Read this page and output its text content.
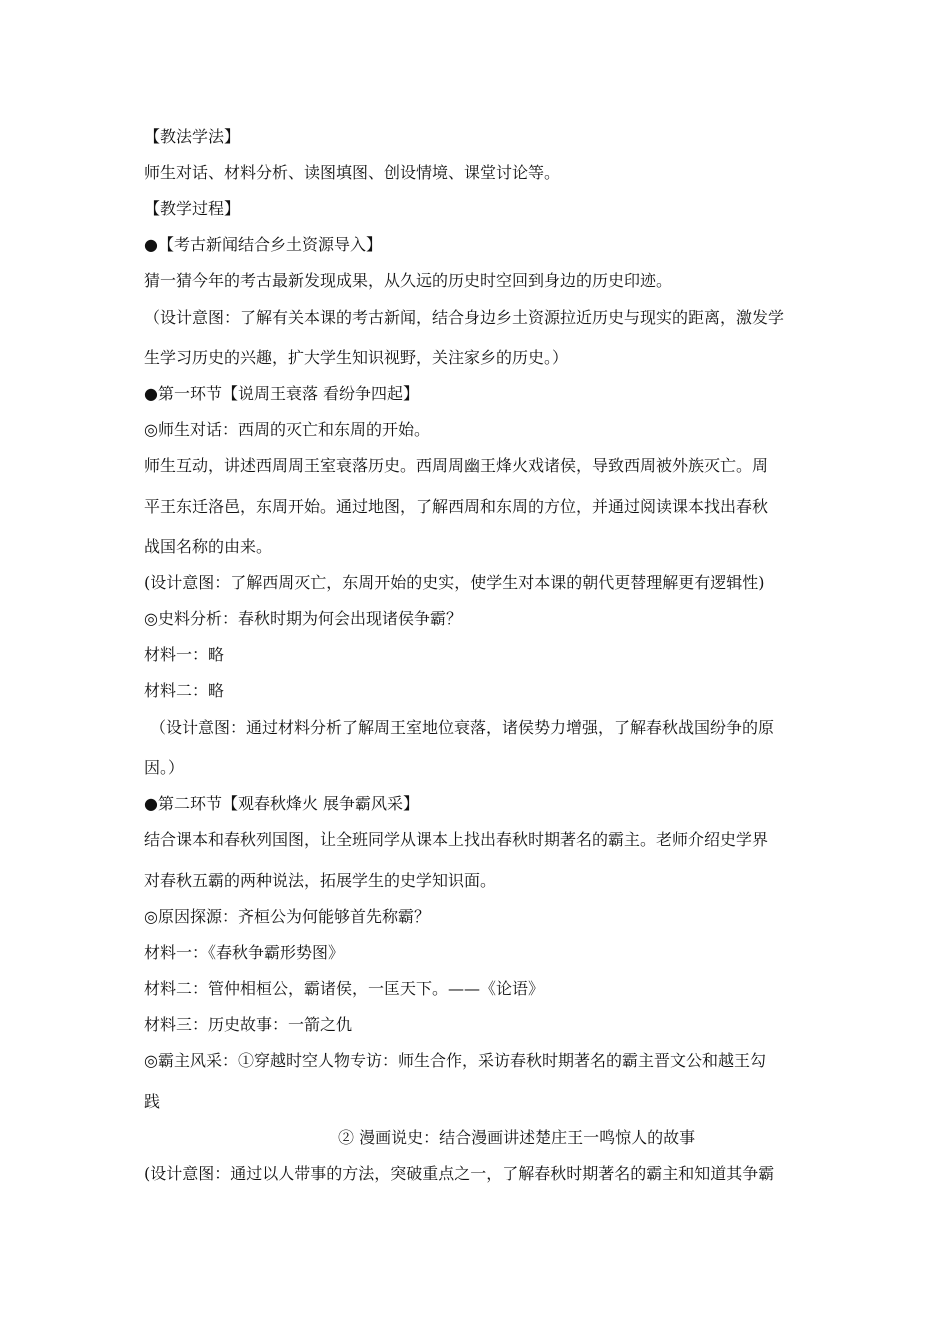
【教法学法】
师生对话、材料分析、读图填图、创设情境、课堂讨论等。
【教学过程】
●【考古新闻结合乡土资源导入】
猜一猜今年的考古最新发现成果，从久远的历史时空回到身边的历史印迹。
（设计意图：了解有关本课的考古新闻，结合身边乡土资源拉近历史与现实的距离，激发学
生学习历史的兴趣，扩大学生知识视野，关注家乡的历史。）
●第一环节【说周王衰落 看纷争四起】
◎师生对话：西周的灭亡和东周的开始。
师生互动，讲述西周周王室衰落历史。西周周幽王烽火戏诸侯，导致西周被外族灭亡。周
平王东迁洛邑，东周开始。通过地图，了解西周和东周的方位，并通过阅读课本找出春秋
战国名称的由来。
(设计意图：了解西周灭亡，东周开始的史实，使学生对本课的朝代更替理解更有逻辑性)
◎史料分析：春秋时期为何会出现诸侯争霸？
材料一：略
材料二：略
（设计意图：通过材料分析了解周王室地位衰落，诸侯势力增强，了解春秋战国纷争的原
因。）
●第二环节【观春秋烽火 展争霸风采】
结合课本和春秋列国图，让全班同学从课本上找出春秋时期著名的霸主。老师介绍史学界
对春秋五霸的两种说法，拓展学生的史学知识面。
◎原因探源：齐桓公为何能够首先称霸？
材料一：《春秋争霸形势图》
材料二：管仲相桓公，霸诸侯，一匡天下。——《论语》
材料三：历史故事：一箭之仇
◎霸主风采：①穿越时空人物专访：师生合作，采访春秋时期著名的霸主晋文公和越王勾
践
② 漫画说史：结合漫画讲述楚庄王一鸣惊人的故事
(设计意图：通过以人带事的方法，突破重点之一，了解春秋时期著名的霸主和知道其争霸
